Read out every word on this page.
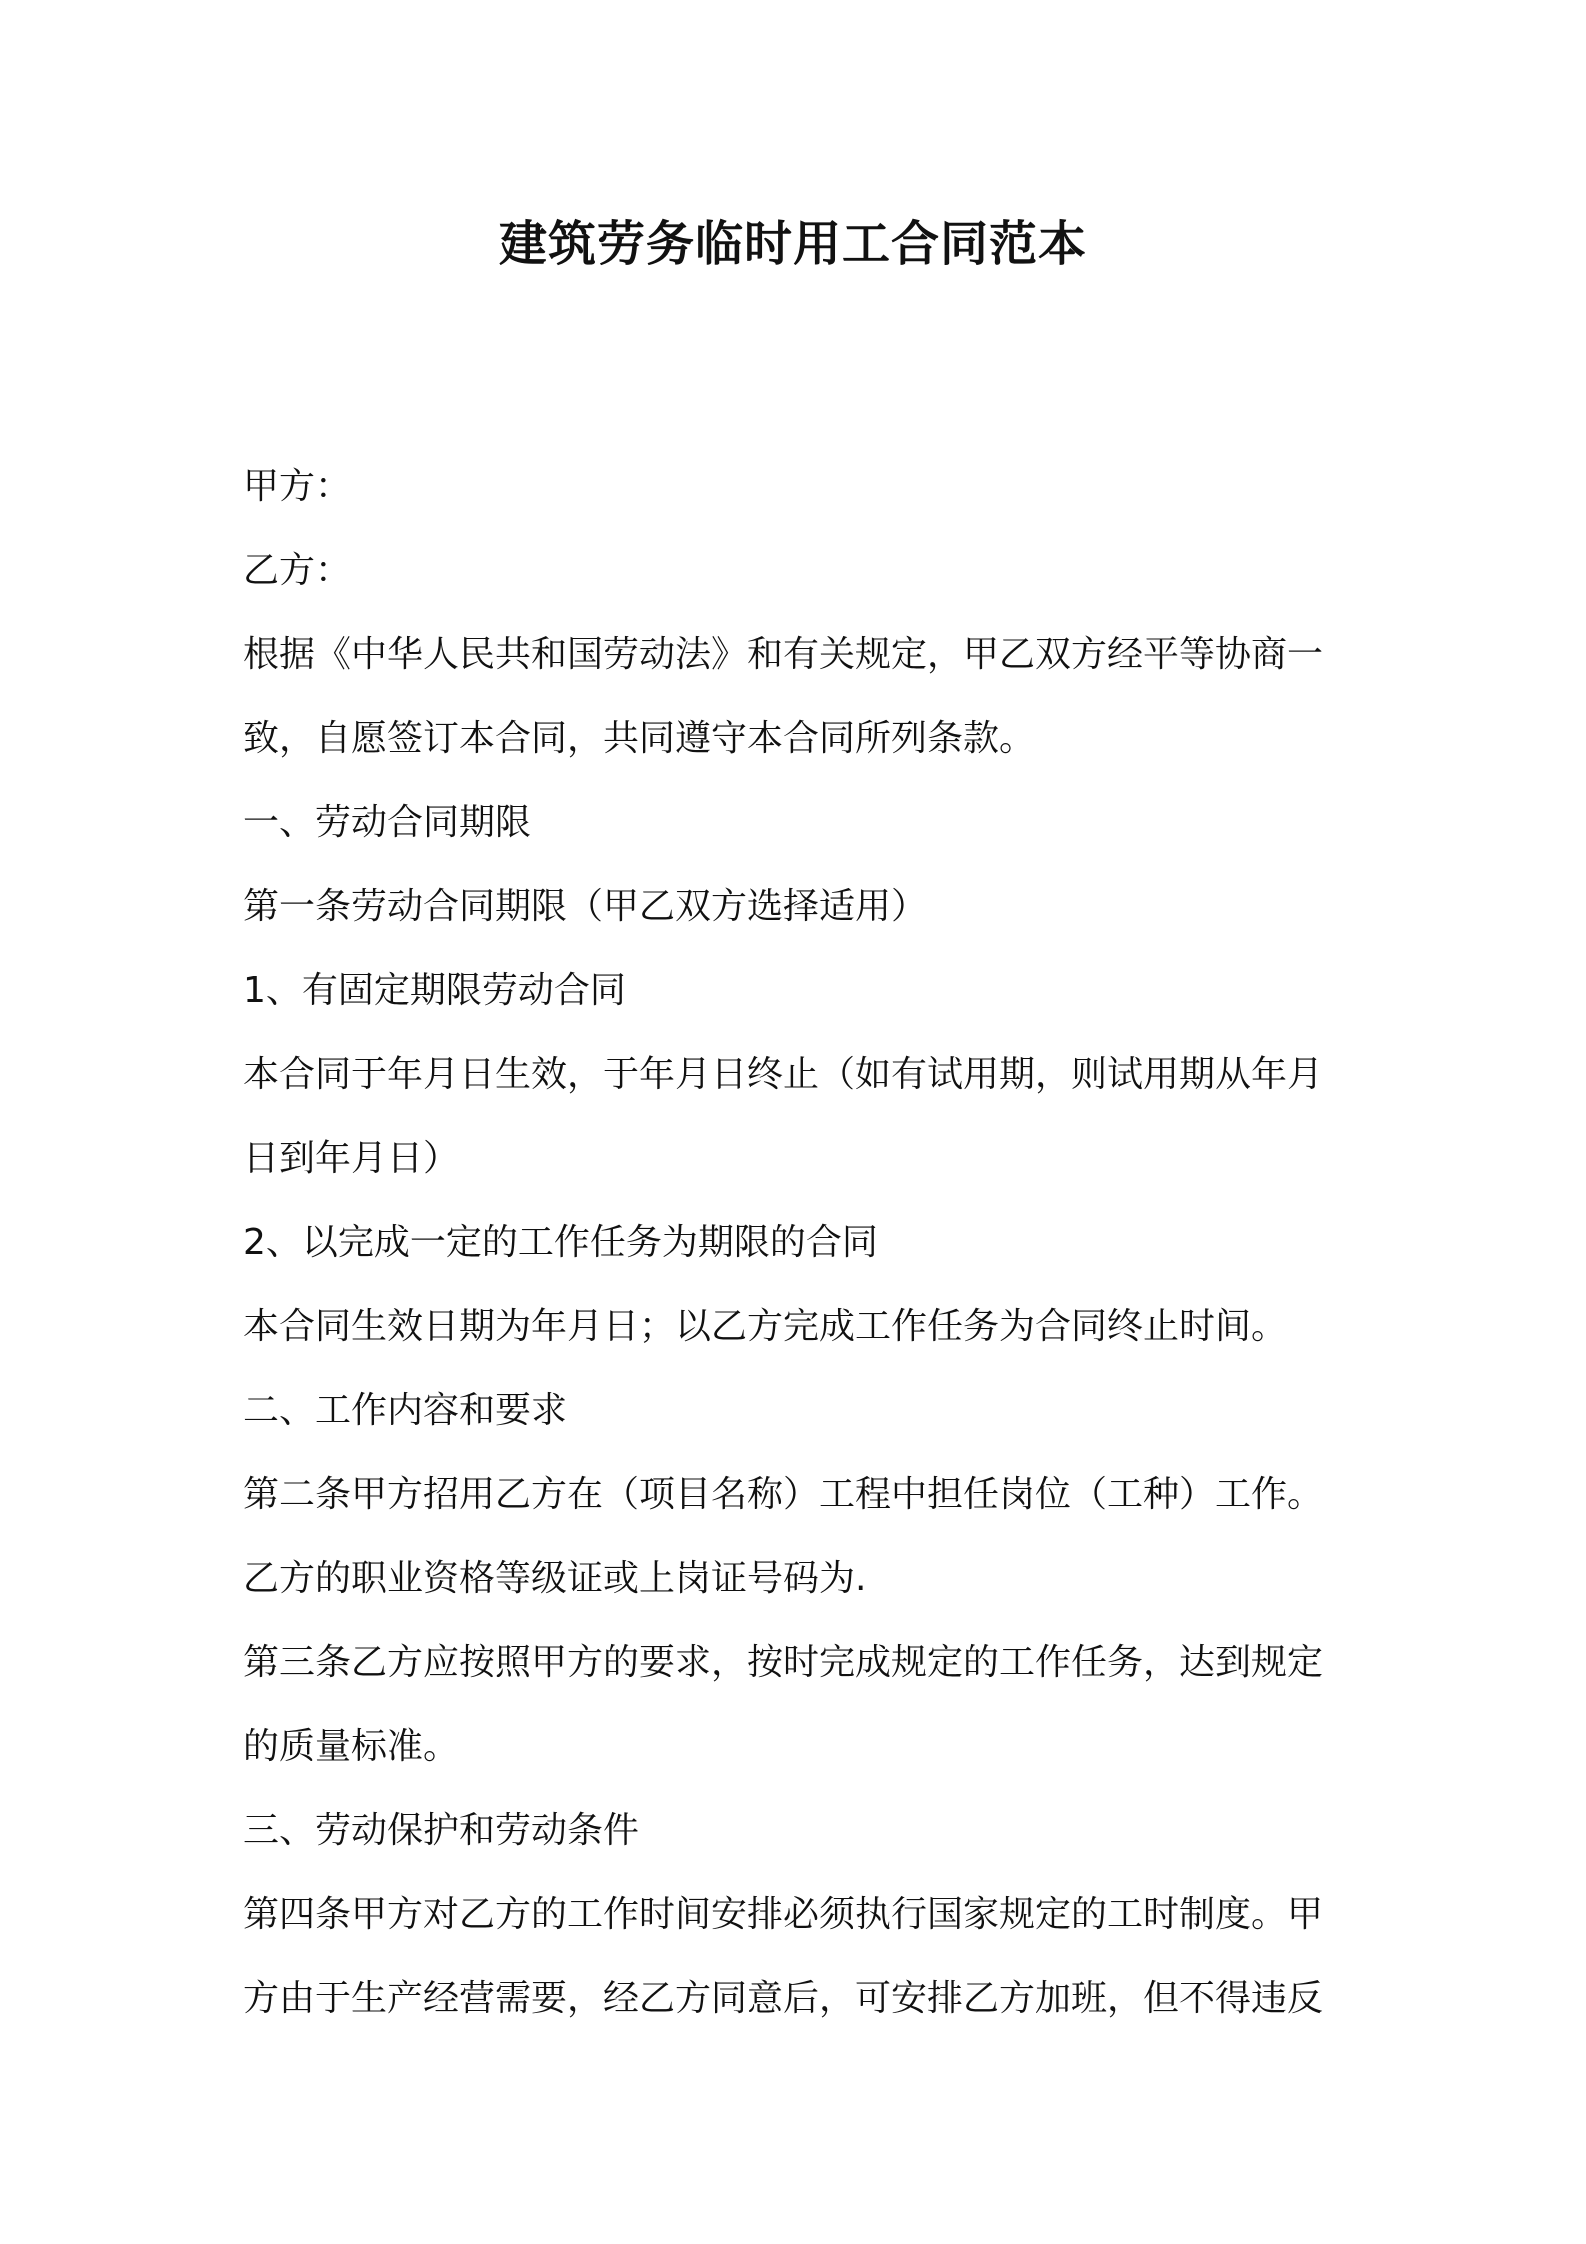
建筑劳务临时用工合同范本
甲方：
乙方：
根据《中华人民共和国劳动法》和有关规定，甲乙双方经平等协商一
致，自愿签订本合同，共同遵守本合同所列条款。
一、劳动合同期限
第一条劳动合同期限（甲乙双方选择适用）
1、有固定期限劳动合同
本合同于年月日生效，于年月日终止（如有试用期，则试用期从年月
日到年月日）
2、以完成一定的工作任务为期限的合同
本合同生效日期为年月日；以乙方完成工作任务为合同终止时间。
二、工作内容和要求
第二条甲方招用乙方在（项目名称）工程中担任岗位（工种）工作。
乙方的职业资格等级证或上岗证号码为.
第三条乙方应按照甲方的要求，按时完成规定的工作任务，达到规定
的质量标准。
三、劳动保护和劳动条件
第四条甲方对乙方的工作时间安排必须执行国家规定的工时制度。甲
方由于生产经营需要，经乙方同意后，可安排乙方加班，但不得违反
